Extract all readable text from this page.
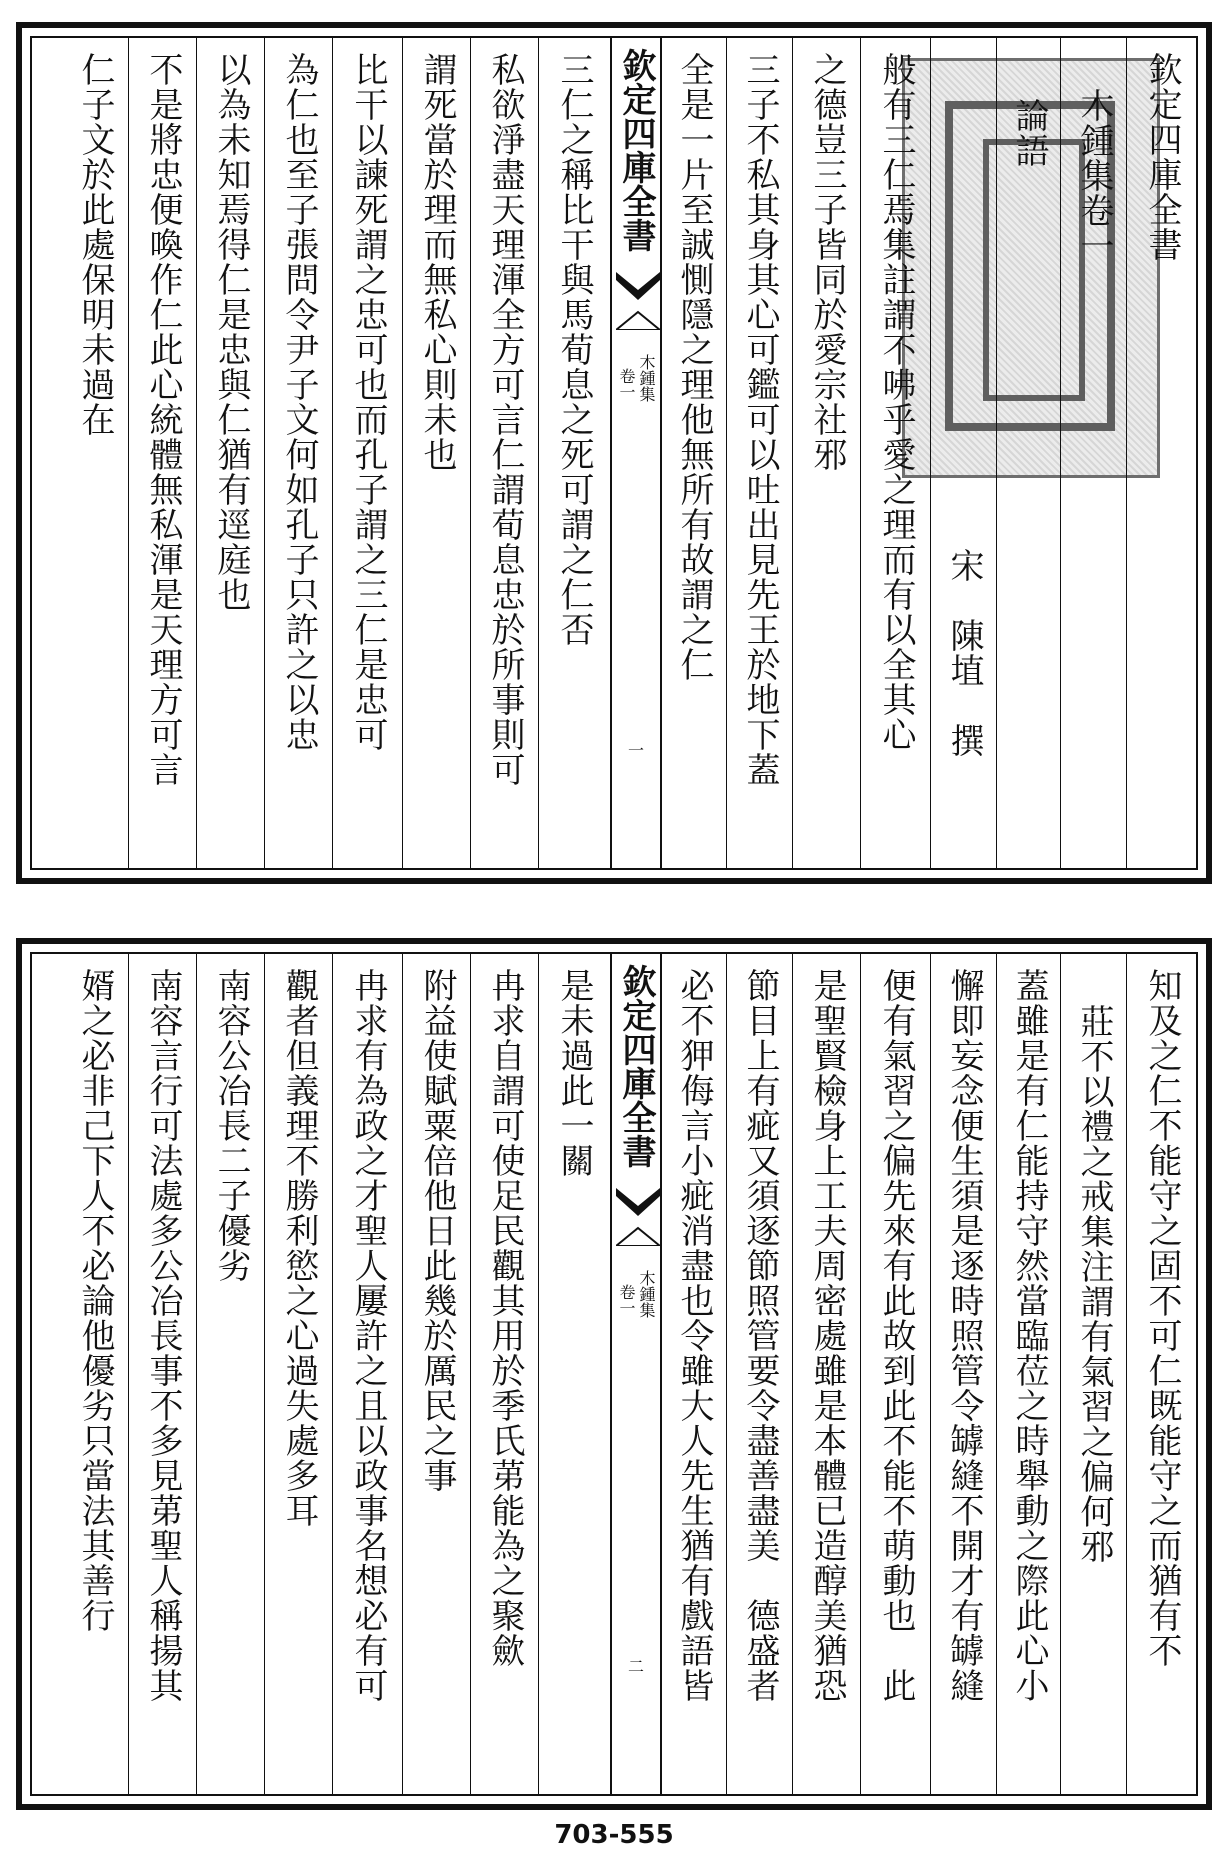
欽定四庫全書
木鍾集卷一
論語
宋　陳埴　撰
般有三仁焉集註謂不咈乎愛之理而有以全其心
之德豈三子皆同於愛宗社邪
三子不私其身其心可鑑可以吐出見先王於地下蓋
全是一片至誠惻隱之理他無所有故謂之仁
欽定四庫全書
木鍾集
卷一
一
三仁之稱比干與馬荀息之死可謂之仁否
私欲淨盡天理渾全方可言仁謂荀息忠於所事則可
謂死當於理而無私心則未也
比干以諫死謂之忠可也而孔子謂之三仁是忠可
為仁也至子張問令尹子文何如孔子只許之以忠
以為未知焉得仁是忠與仁猶有逕庭也
不是將忠便喚作仁此心統體無私渾是天理方可言
仁子文於此處保明未過在
知及之仁不能守之固不可仁既能守之而猶有不
莊不以禮之戒集注謂有氣習之偏何邪
蓋雖是有仁能持守然當臨莅之時舉動之際此心小
懈即妄念便生須是逐時照管令罅縫不開才有罅縫
便有氣習之偏先來有此故到此不能不萌動也　此
是聖賢檢身上工夫周密處雖是本體已造醇美猶恐
節目上有疵又須逐節照管要令盡善盡美　德盛者
必不狎侮言小疵消盡也令雖大人先生猶有戲語皆
欽定四庫全書
木鍾集
卷一
二
是未過此一關
冉求自謂可使足民觀其用於季氏苐能為之聚歛
附益使賦粟倍他日此幾於厲民之事
冉求有為政之才聖人屢許之且以政事名想必有可
觀者但義理不勝利慾之心過失處多耳
南容公冶長二子優劣
南容言行可法處多公冶長事不多見苐聖人稱揚其
婿之必非己下人不必論他優劣只當法其善行
703-555
